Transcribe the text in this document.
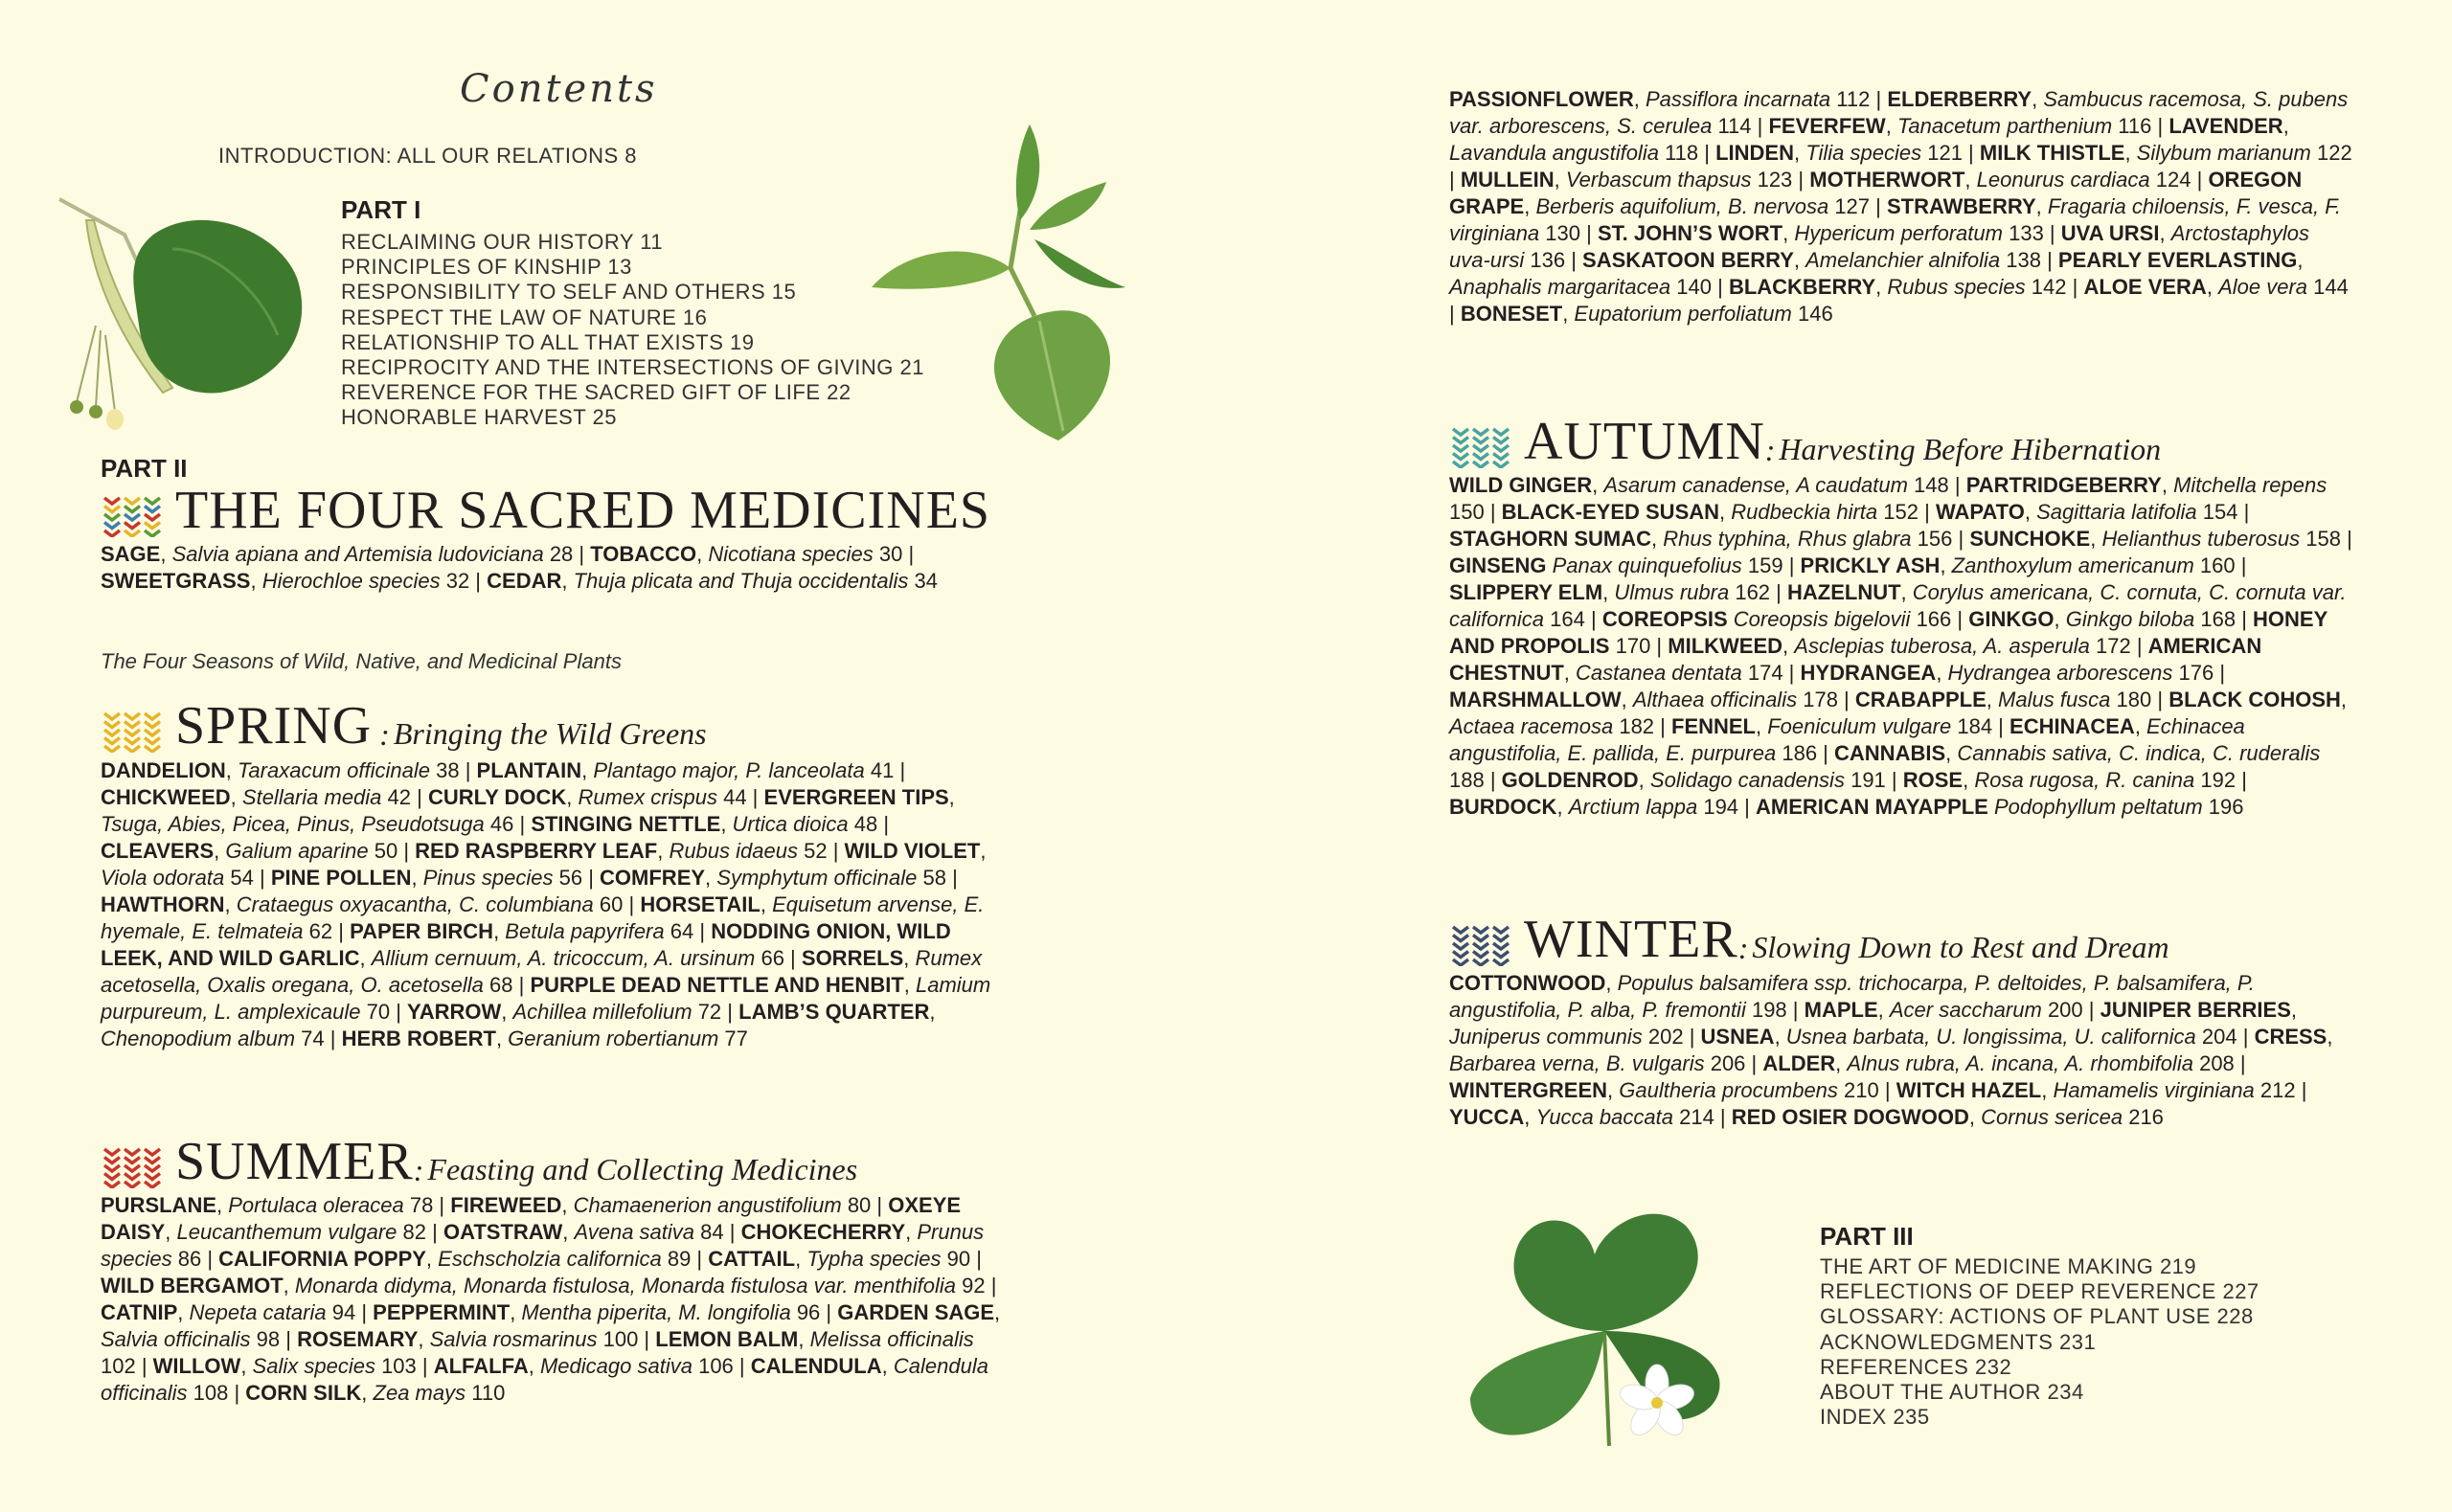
Contents
INTRODUCTION: ALL OUR RELATIONS 8
PART I
RECLAIMING OUR HISTORY 11
PRINCIPLES OF KINSHIP 13
RESPONSIBILITY TO SELF AND OTHERS 15
RESPECT THE LAW OF NATURE 16
RELATIONSHIP TO ALL THAT EXISTS 19
RECIPROCITY AND THE INTERSECTIONS OF GIVING 21
REVERENCE FOR THE SACRED GIFT OF LIFE 22
HONORABLE HARVEST 25
PART II
THE FOUR SACRED MEDICINES
SAGE, Salvia apiana and Artemisia ludoviciana 28 | TOBACCO, Nicotiana species 30 | SWEETGRASS, Hierochloe species 32 | CEDAR, Thuja plicata and Thuja occidentalis 34
The Four Seasons of Wild, Native, and Medicinal Plants
SPRING : Bringing the Wild Greens
DANDELION, Taraxacum officinale 38 | PLANTAIN, Plantago major, P. lanceolata 41 | CHICKWEED, Stellaria media 42 | CURLY DOCK, Rumex crispus 44 | EVERGREEN TIPS, Tsuga, Abies, Picea, Pinus, Pseudotsuga 46 | STINGING NETTLE, Urtica dioica 48 | CLEAVERS, Galium aparine 50 | RED RASPBERRY LEAF, Rubus idaeus 52 | WILD VIOLET, Viola odorata 54 | PINE POLLEN, Pinus species 56 | COMFREY, Symphytum officinale 58 | HAWTHORN, Crataegus oxyacantha, C. columbiana 60 | HORSETAIL, Equisetum arvense, E. hyemale, E. telmateia 62 | PAPER BIRCH, Betula papyrifera 64 | NODDING ONION, WILD LEEK, AND WILD GARLIC, Allium cernuum, A. tricoccum, A. ursinum 66 | SORRELS, Rumex acetosella, Oxalis oregana, O. acetosella 68 | PURPLE DEAD NETTLE AND HENBIT, Lamium purpureum, L. amplexicaule 70 | YARROW, Achillea millefolium 72 | LAMB’S QUARTER, Chenopodium album 74 | HERB ROBERT, Geranium robertianum 77
SUMMER : Feasting and Collecting Medicines
PURSLANE, Portulaca oleracea 78 | FIREWEED, Chamaenerion angustifolium 80 | OXEYE DAISY, Leucanthemum vulgare 82 | OATSTRAW, Avena sativa 84 | CHOKECHERRY, Prunus species 86 | CALIFORNIA POPPY, Eschscholzia californica 89 | CATTAIL, Typha species 90 | WILD BERGAMOT, Monarda didyma, Monarda fistulosa, Monarda fistulosa var. menthifolia 92 | CATNIP, Nepeta cataria 94 | PEPPERMINT, Mentha piperita, M. longifolia 96 | GARDEN SAGE, Salvia officinalis 98 | ROSEMARY, Salvia rosmarinus 100 | LEMON BALM, Melissa officinalis 102 | WILLOW, Salix species 103 | ALFALFA, Medicago sativa 106 | CALENDULA, Calendula officinalis 108 | CORN SILK, Zea mays 110
PASSIONFLOWER, Passiflora incarnata 112 | ELDERBERRY, Sambucus racemosa, S. pubens var. arborescens, S. cerulea 114 | FEVERFEW, Tanacetum parthenium 116 | LAVENDER, Lavandula angustifolia 118 | LINDEN, Tilia species 121 | MILK THISTLE, Silybum marianum 122 | MULLEIN, Verbascum thapsus 123 | MOTHERWORT, Leonurus cardiaca 124 | OREGON GRAPE, Berberis aquifolium, B. nervosa 127 | STRAWBERRY, Fragaria chiloensis, F. vesca, F. virginiana 130 | ST. JOHN’S WORT, Hypericum perforatum 133 | UVA URSI, Arctostaphylos uva-ursi 136 | SASKATOON BERRY, Amelanchier alnifolia 138 | PEARLY EVERLASTING, Anaphalis margaritacea 140 | BLACKBERRY, Rubus species 142 | ALOE VERA, Aloe vera 144 | BONESET, Eupatorium perfoliatum 146
AUTUMN : Harvesting Before Hibernation
WILD GINGER, Asarum canadense, A caudatum 148 | PARTRIDGEBERRY, Mitchella repens 150 | BLACK-EYED SUSAN, Rudbeckia hirta 152 | WAPATO, Sagittaria latifolia 154 | STAGHORN SUMAC, Rhus typhina, Rhus glabra 156 | SUNCHOKE, Helianthus tuberosus 158 | GINSENG Panax quinquefolius 159 | PRICKLY ASH, Zanthoxylum americanum 160 | SLIPPERY ELM, Ulmus rubra 162 | HAZELNUT, Corylus americana, C. cornuta, C. cornuta var. californica 164 | COREOPSIS Coreopsis bigelovii 166 | GINKGO, Ginkgo biloba 168 | HONEY AND PROPOLIS 170 | MILKWEED, Asclepias tuberosa, A. asperula 172 | AMERICAN CHESTNUT, Castanea dentata 174 | HYDRANGEA, Hydrangea arborescens 176 | MARSHMALLOW, Althaea officinalis 178 | CRABAPPLE, Malus fusca 180 | BLACK COHOSH, Actaea racemosa 182 | FENNEL, Foeniculum vulgare 184 | ECHINACEA, Echinacea angustifolia, E. pallida, E. purpurea 186 | CANNABIS, Cannabis sativa, C. indica, C. ruderalis 188 | GOLDENROD, Solidago canadensis 191 | ROSE, Rosa rugosa, R. canina 192 | BURDOCK, Arctium lappa 194 | AMERICAN MAYAPPLE Podophyllum peltatum 196
WINTER : Slowing Down to Rest and Dream
COTTONWOOD, Populus balsamifera ssp. trichocarpa, P. deltoides, P. balsamifera, P. angustifolia, P. alba, P. fremontii 198 | MAPLE, Acer saccharum 200 | JUNIPER BERRIES, Juniperus communis 202 | USNEA, Usnea barbata, U. longissima, U. californica 204 | CRESS, Barbarea verna, B. vulgaris 206 | ALDER, Alnus rubra, A. incana, A. rhombifolia 208 | WINTERGREEN, Gaultheria procumbens 210 | WITCH HAZEL, Hamamelis virginiana 212 | YUCCA, Yucca baccata 214 | RED OSIER DOGWOOD, Cornus sericea 216
PART III
THE ART OF MEDICINE MAKING 219
REFLECTIONS OF DEEP REVERENCE 227
GLOSSARY: ACTIONS OF PLANT USE 228
ACKNOWLEDGMENTS 231
REFERENCES 232
ABOUT THE AUTHOR 234
INDEX 235
